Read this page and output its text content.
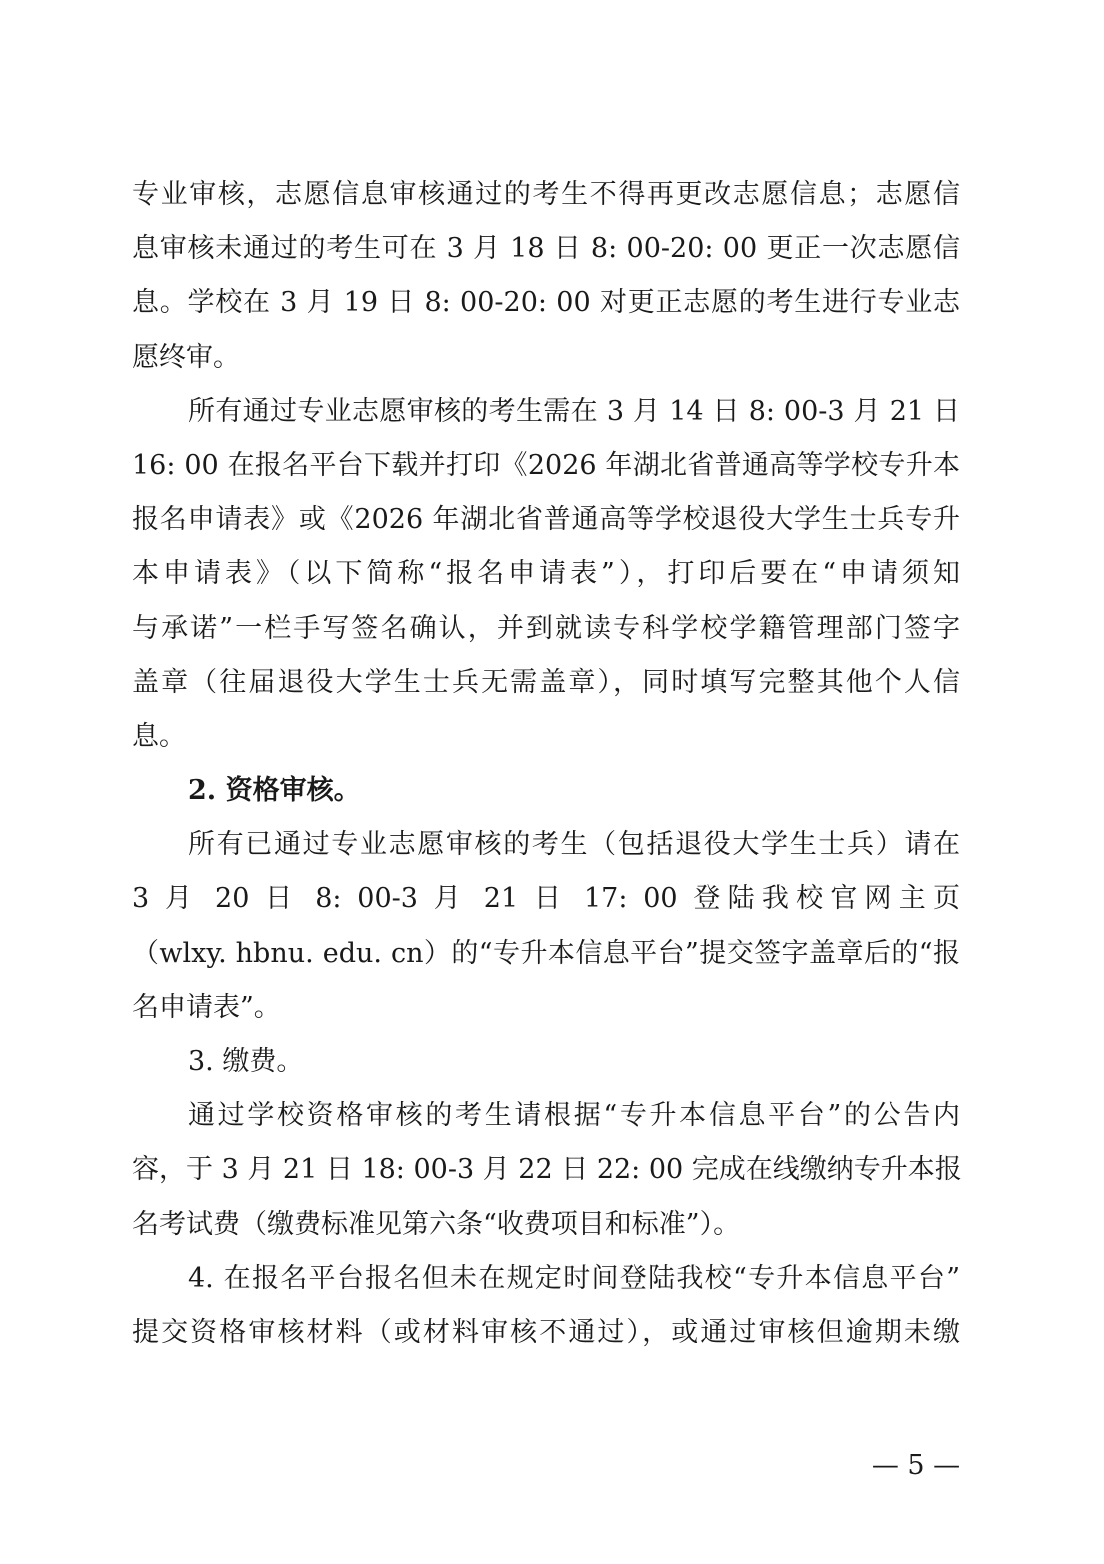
专业审核，志愿信息审核通过的考生不得再更改志愿信息；志愿信
息审核未通过的考生可在 3 月 18 日 8: 00-20: 00 更正一次志愿信
息。学校在 3 月 19 日 8: 00-20: 00 对更正志愿的考生进行专业志
愿终审。
所有通过专业志愿审核的考生需在 3 月 14 日 8: 00-3 月 21 日
16: 00 在报名平台下载并打印《2026 年湖北省普通高等学校专升本
报名申请表》或《2026 年湖北省普通高等学校退役大学生士兵专升
本申请表》（以下简称“报名申请表”），打印后要在“申请须知
与承诺”一栏手写签名确认，并到就读专科学校学籍管理部门签字
盖章（往届退役大学生士兵无需盖章），同时填写完整其他个人信
息。
2. 资格审核。
所有已通过专业志愿审核的考生（包括退役大学生士兵）请在
3 月 20 日 8: 00-3 月 21 日 17: 00 登陆我校官网主页
（wlxy. hbnu. edu. cn）的“专升本信息平台”提交签字盖章后的“报
名申请表”。
3. 缴费。
通过学校资格审核的考生请根据“专升本信息平台”的公告内
容，于 3 月 21 日 18: 00-3 月 22 日 22: 00 完成在线缴纳专升本报
名考试费（缴费标准见第六条“收费项目和标准”）。
4. 在报名平台报名但未在规定时间登陆我校“专升本信息平台”
提交资格审核材料（或材料审核不通过），或通过审核但逾期未缴
— 5 —
